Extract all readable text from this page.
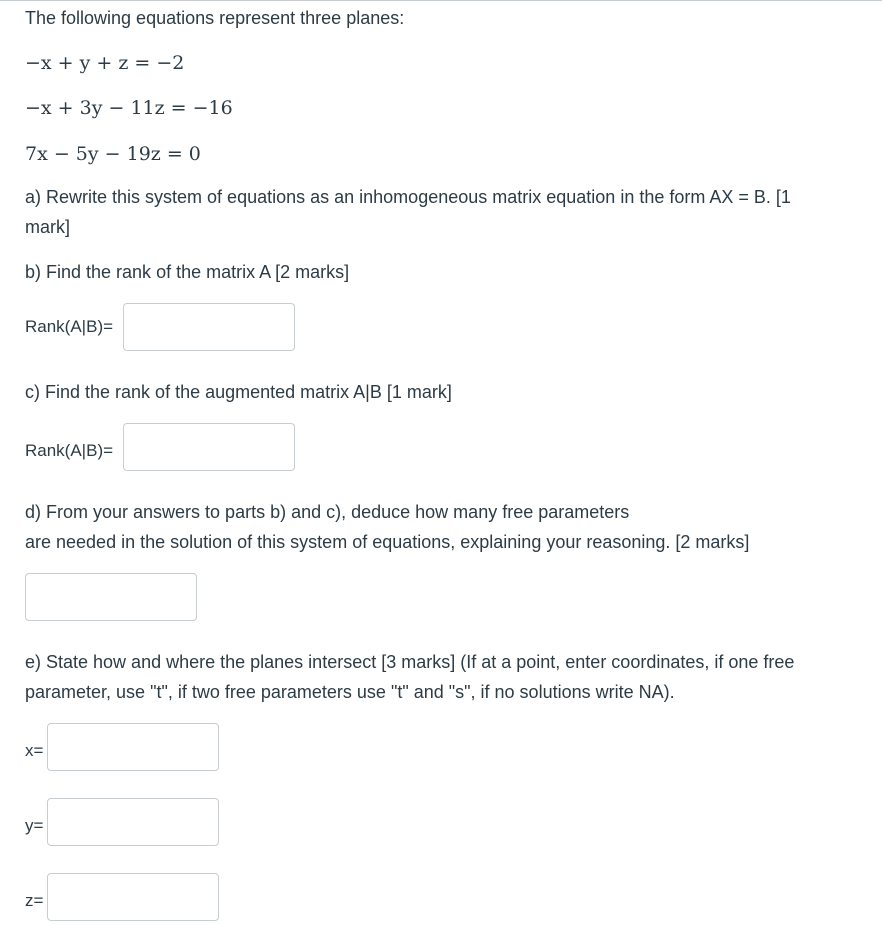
The following equations represent three planes:
−x + y + z = −2
−x + 3y − 11z = −16
7x − 5y − 19z = 0
a) Rewrite this system of equations as an inhomogeneous matrix equation in the form AX = B. [1
mark]
b) Find the rank of the matrix A [2 marks]
Rank(A|B)=
c) Find the rank of the augmented matrix A|B [1 mark]
Rank(A|B)=
d) From your answers to parts b) and c), deduce how many free parameters
are needed in the solution of this system of equations, explaining your reasoning. [2 marks]
e) State how and where the planes intersect [3 marks] (If at a point, enter coordinates, if one free
parameter, use "t", if two free parameters use "t" and "s", if no solutions write NA).
x=
y=
z=
